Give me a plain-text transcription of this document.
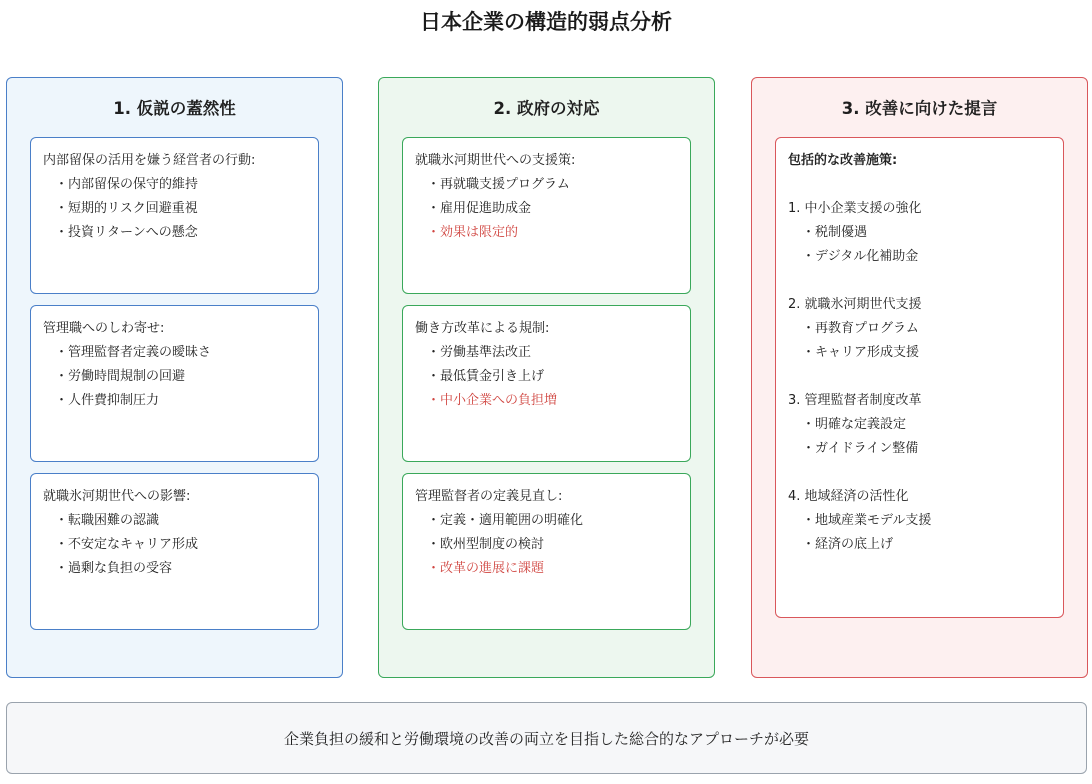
日本企業の構造的弱点分析
1. 仮説の蓋然性
内部留保の活用を嫌う経営者の行動:
・内部留保の保守的維持
・短期的リスク回避重視
・投資リターンへの懸念
管理職へのしわ寄せ:
・管理監督者定義の曖昧さ
・労働時間規制の回避
・人件費抑制圧力
就職氷河期世代への影響:
・転職困難の認識
・不安定なキャリア形成
・過剰な負担の受容
2. 政府の対応
就職氷河期世代への支援策:
・再就職支援プログラム
・雇用促進助成金
・効果は限定的
働き方改革による規制:
・労働基準法改正
・最低賃金引き上げ
・中小企業への負担増
管理監督者の定義見直し:
・定義・適用範囲の明確化
・欧州型制度の検討
・改革の進展に課題
3. 改善に向けた提言
包括的な改善施策:
1. 中小企業支援の強化
・税制優遇
・デジタル化補助金
2. 就職氷河期世代支援
・再教育プログラム
・キャリア形成支援
3. 管理監督者制度改革
・明確な定義設定
・ガイドライン整備
4. 地域経済の活性化
・地域産業モデル支援
・経済の底上げ
企業負担の緩和と労働環境の改善の両立を目指した総合的なアプローチが必要
